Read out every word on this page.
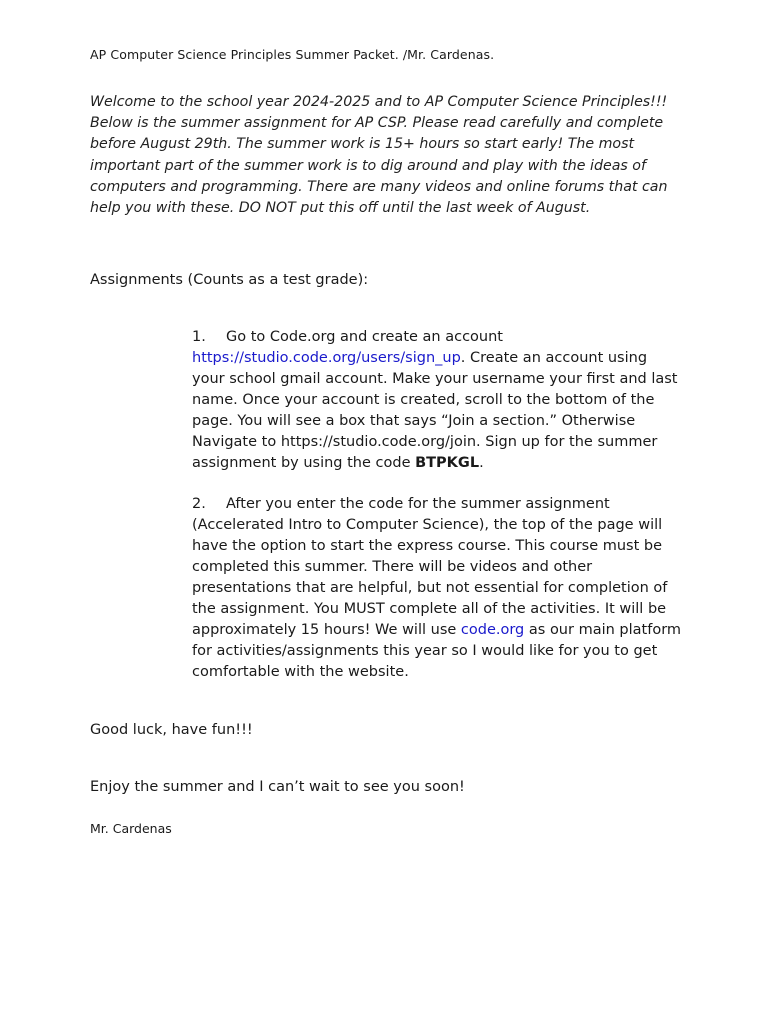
AP Computer Science Principles Summer Packet. /Mr. Cardenas.
Welcome to the school year 2024-2025 and to AP Computer Science Principles!!! Below is the summer assignment for AP CSP. Please read carefully and complete before August 29th. The summer work is 15+ hours so start early! The most important part of the summer work is to dig around and play with the ideas of computers and programming. There are many videos and online forums that can help you with these. DO NOT put this off until the last week of August.
Assignments (Counts as a test grade):
1. Go to Code.org and create an account https://studio.code.org/users/sign_up. Create an account using your school gmail account. Make your username your first and last name. Once your account is created, scroll to the bottom of the page. You will see a box that says “Join a section.” Otherwise Navigate to https://studio.code.org/join. Sign up for the summer assignment by using the code BTPKGL.
2. After you enter the code for the summer assignment (Accelerated Intro to Computer Science), the top of the page will have the option to start the express course. This course must be completed this summer. There will be videos and other presentations that are helpful, but not essential for completion of the assignment. You MUST complete all of the activities. It will be approximately 15 hours! We will use code.org as our main platform for activities/assignments this year so I would like for you to get comfortable with the website.
Good luck, have fun!!!
Enjoy the summer and I can’t wait to see you soon!
Mr. Cardenas
